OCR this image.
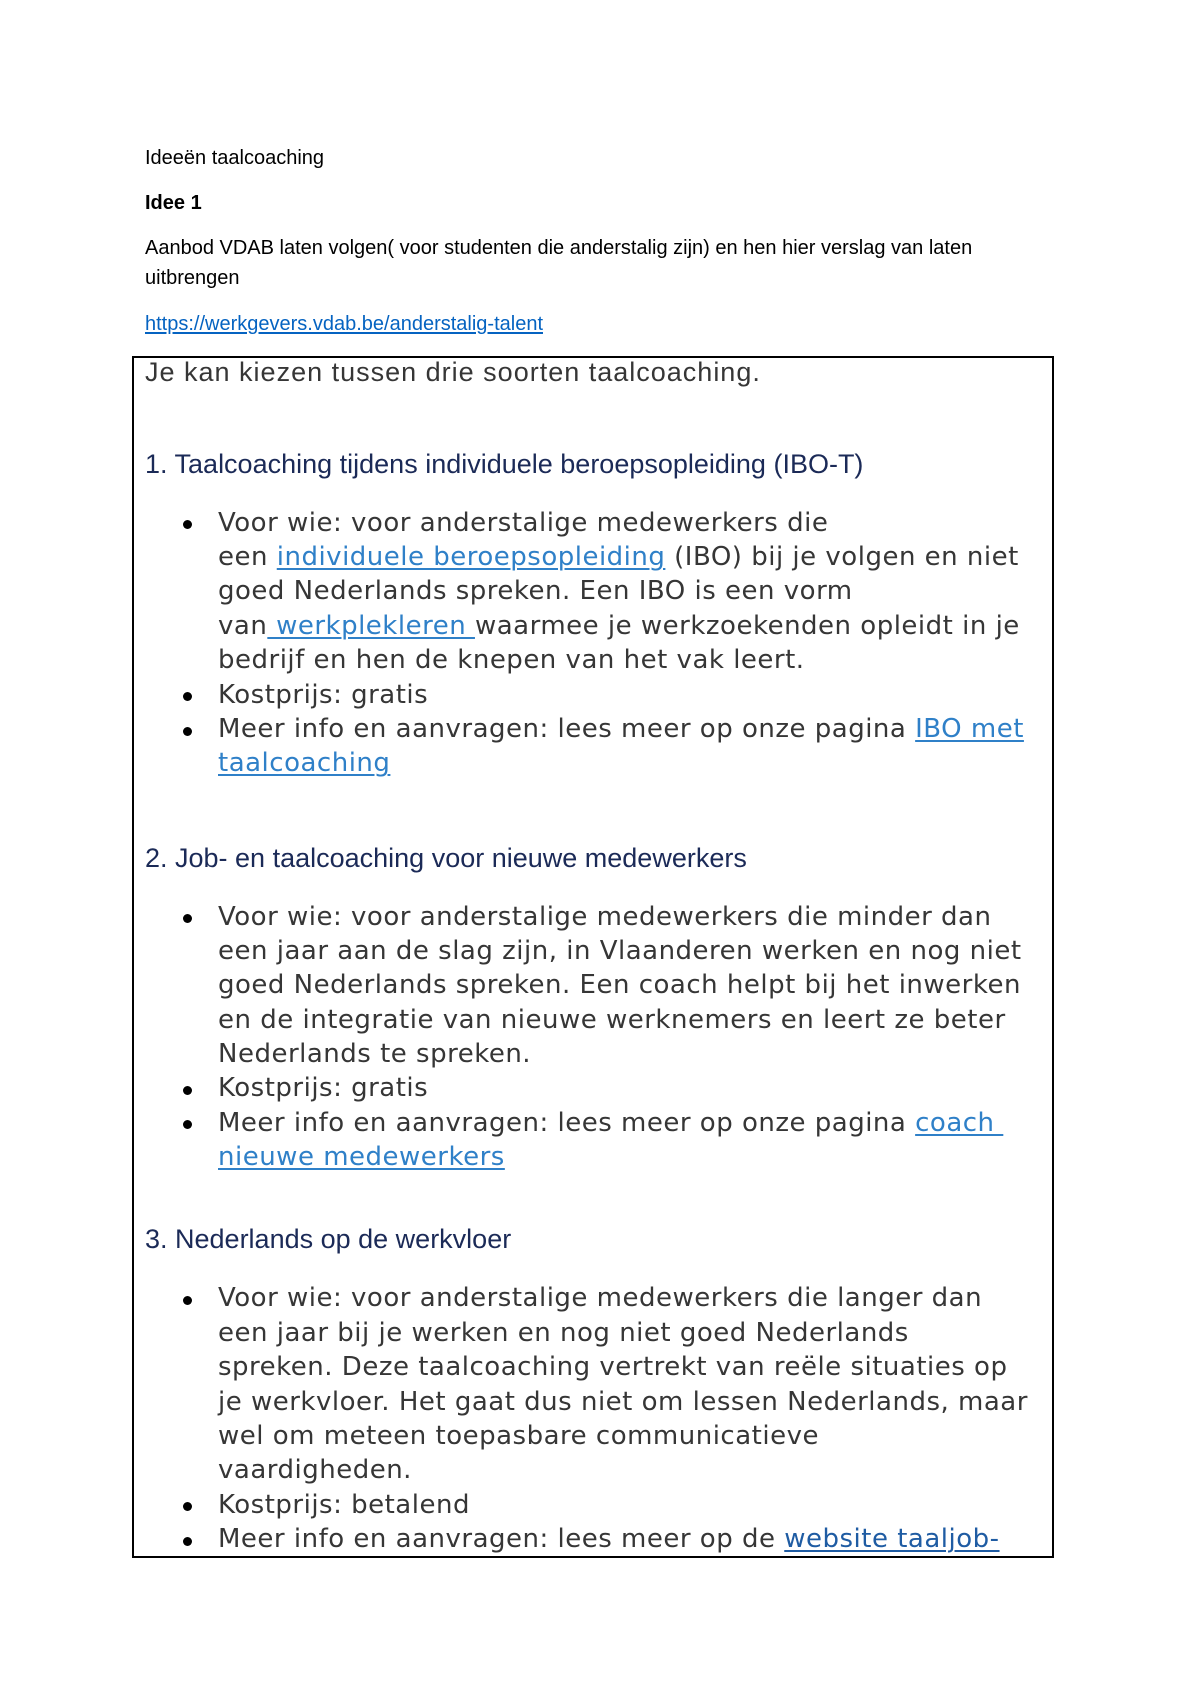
Ideeën taalcoaching
Idee 1

Aanbod VDAB laten volgen( voor studenten die anderstalig zijn) en hen hier verslag van laten uitbrengen

https://werkgevers.vdab.be/anderstalig-talent
Je kan kiezen tussen drie soorten taalcoaching.
1. Taalcoaching tijdens individuele beroepsopleiding (IBO-T)
Voor wie: voor anderstalige medewerkers die
een individuele beroepsopleiding (IBO) bij je volgen en niet
goed Nederlands spreken. Een IBO is een vorm
van werkplekleren waarmee je werkzoekenden opleidt in je
bedrijf en hen de knepen van het vak leert.
Kostprijs: gratis
Meer info en aanvragen: lees meer op onze pagina IBO met
taalcoaching
2. Job- en taalcoaching voor nieuwe medewerkers
Voor wie: voor anderstalige medewerkers die minder dan
een jaar aan de slag zijn, in Vlaanderen werken en nog niet
goed Nederlands spreken. Een coach helpt bij het inwerken
en de integratie van nieuwe werknemers en leert ze beter
Nederlands te spreken.
Kostprijs: gratis
Meer info en aanvragen: lees meer op onze pagina coach
nieuwe medewerkers
3. Nederlands op de werkvloer
Voor wie: voor anderstalige medewerkers die langer dan
een jaar bij je werken en nog niet goed Nederlands
spreken. Deze taalcoaching vertrekt van reële situaties op
je werkvloer. Het gaat dus niet om lessen Nederlands, maar
wel om meteen toepasbare communicatieve
vaardigheden.
Kostprijs: betalend
Meer info en aanvragen: lees meer op de website taaljob-
